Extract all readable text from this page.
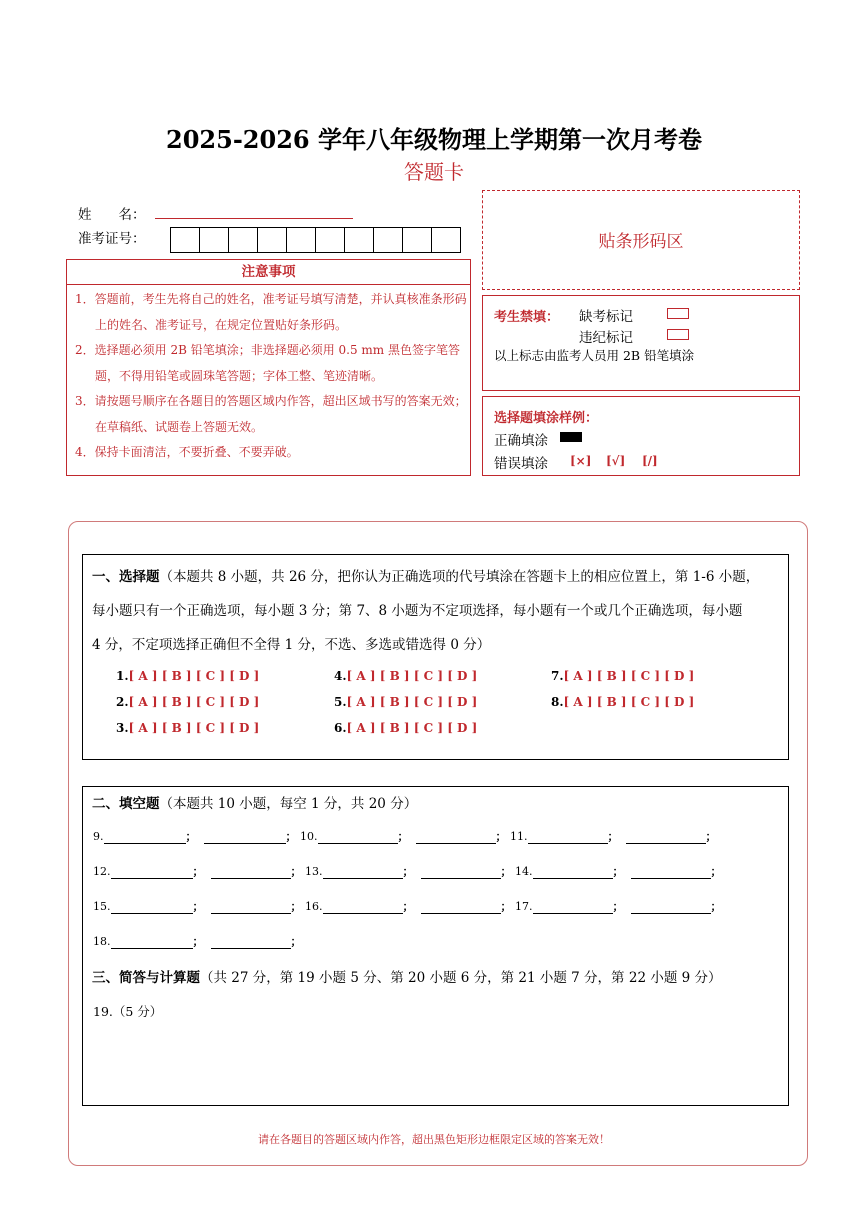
2025-2026 学年八年级物理上学期第一次月考卷
答题卡
姓　　名：
准考证号：	贴条形码区
注意事项
1．答题前，考生先将自己的姓名，准考证号填写清楚，并认真核准条形码上的姓名、准考证号，在规定位置贴好条形码。
2．选择题必须用 2B 铅笔填涂；非选择题必须用 0.5 mm 黑色签字笔答题，不得用铅笔或圆珠笔答题；字体工整、笔迹清晰。
3．请按题号顺序在各题目的答题区域内作答，超出区域书写的答案无效；在草稿纸、试题卷上答题无效。
4．保持卡面清洁，不要折叠、不要弄破。
考生禁填： 缺考标记
违纪标记
以上标志由监考人员用 2B 铅笔填涂
选择题填涂样例：
正确填涂
错误填涂 [×] [√] [/]
一、选择题（本题共 8 小题，共 26 分，把你认为正确选项的代号填涂在答题卡上的相应位置上，第 1-6 小题，
每小题只有一个正确选项，每小题 3 分；第 7、8 小题为不定项选择，每小题有一个或几个正确选项，每小题
4 分，不定项选择正确但不全得 1 分，不选、多选或错选得 0 分）
1.[ A ] [ B ] [ C ] [ D ]
2.[ A ] [ B ] [ C ] [ D ]
3.[ A ] [ B ] [ C ] [ D ]
4.[ A ] [ B ] [ C ] [ D ]
5.[ A ] [ B ] [ C ] [ D ]
6.[ A ] [ B ] [ C ] [ D ]
7.[ A ] [ B ] [ C ] [ D ]
8.[ A ] [ B ] [ C ] [ D ]
二、填空题（本题共 10 小题，每空 1 分，共 20 分）
9.	；	； 10.	；	； 11.	；	；
12.	；	； 13.	；	； 14.	；	；
15.	；	； 16.	；	； 17.	；	；
18.	；	；
三、简答与计算题（共 27 分，第 19 小题 5 分、第 20 小题 6 分，第 21 小题 7 分，第 22 小题 9 分）
19.（5 分）
请在各题目的答题区域内作答，超出黑色矩形边框限定区域的答案无效！
